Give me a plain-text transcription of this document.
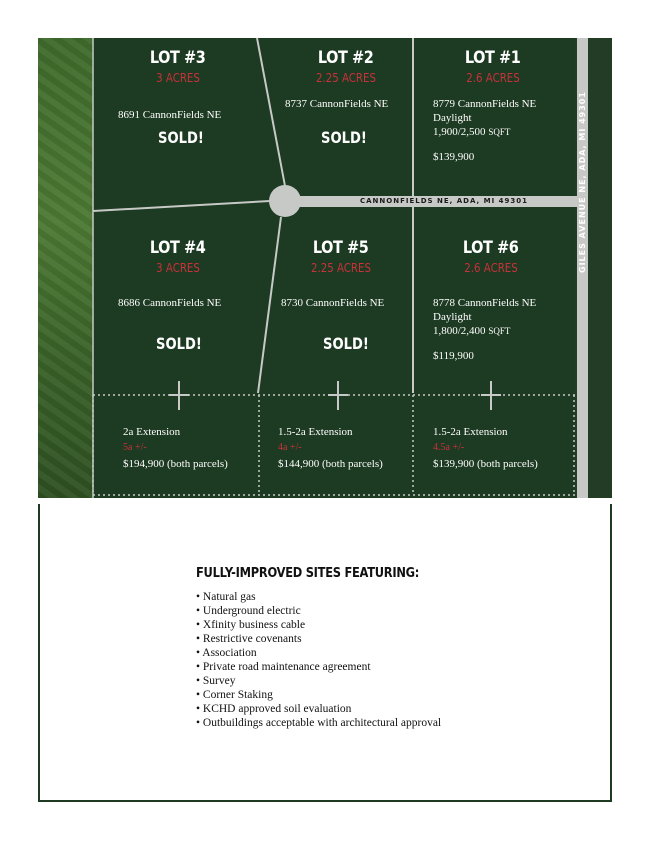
CANNONFIELDS NE, ADA, MI 49301	GILES AVENUE NE, ADA, MI 49301
LOT #3
3 ACRES
8691 CannonFields NE
SOLD!
LOT #2
2.25 ACRES
8737 CannonFields NE
SOLD!
LOT #1
2.6 ACRES
8779 CannonFields NE
Daylight
1,900/2,500 SQFT
$139,900
LOT #4
3 ACRES
8686 CannonFields NE
SOLD!
LOT #5
2.25 ACRES
8730 CannonFields NE
SOLD!
LOT #6
2.6 ACRES
8778 CannonFields NE
Daylight
1,800/2,400 SQFT
$119,900
2a Extension
5a +/-
$194,900 (both parcels)
1.5-2a Extension
4a +/-
$144,900 (both parcels)
1.5-2a Extension
4.5a +/-
$139,900 (both parcels)
FULLY-IMPROVED SITES FEATURING:
• Natural gas
• Underground electric
• Xfinity business cable
• Restrictive covenants
• Association
• Private road maintenance agreement
• Survey
• Corner Staking
• KCHD approved soil evaluation
• Outbuildings acceptable with architectural approval
